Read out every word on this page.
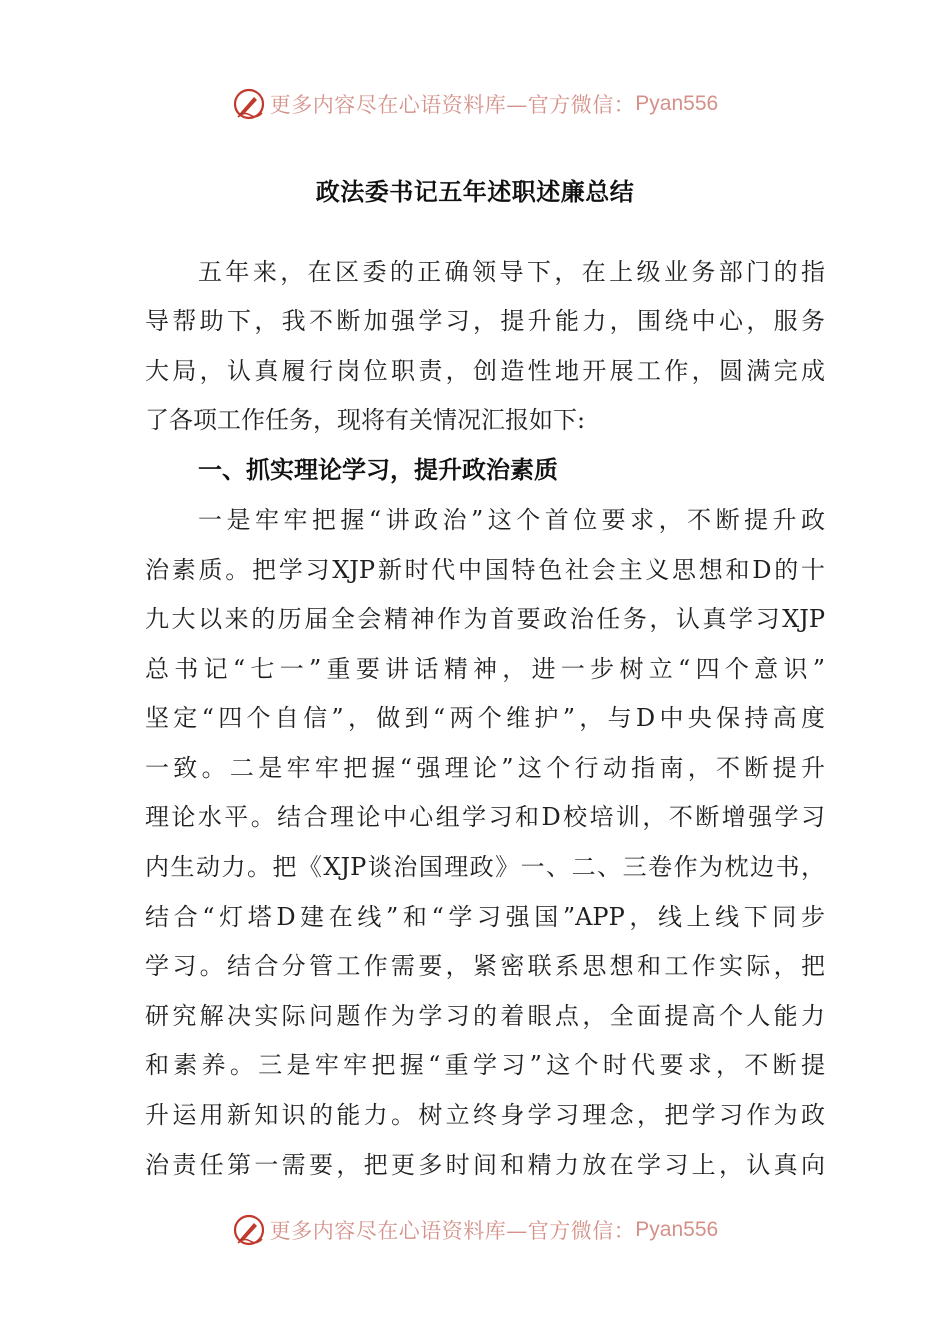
更多内容尽在心语资料库—官方微信： Pyan556
政法委书记五年述职述廉总结
五年来，在区委的正确领导下，在上级业务部门的指
导帮助下，我不断加强学习，提升能力，围绕中心，服务
大局，认真履行岗位职责，创造性地开展工作，圆满完成
了各项工作任务，现将有关情况汇报如下:
一、抓实理论学习，提升政治素质
一是牢牢把握“讲政治”这个首位要求，不断提升政
治素质。把学习XJP新时代中国特色社会主义思想和D的十
九大以来的历届全会精神作为首要政治任务，认真学习XJP
总书记“七一”重要讲话精神，进一步树立“四个意识”
坚定“四个自信”，做到“两个维护”，与D中央保持高度
一致。二是牢牢把握“强理论”这个行动指南，不断提升
理论水平。结合理论中心组学习和D校培训，不断增强学习
内生动力。把《XJP谈治国理政》一、二、三卷作为枕边书，
结合“灯塔D建在线”和“学习强国”APP，线上线下同步
学习。结合分管工作需要，紧密联系思想和工作实际，把
研究解决实际问题作为学习的着眼点，全面提高个人能力
和素养。三是牢牢把握“重学习”这个时代要求，不断提
升运用新知识的能力。树立终身学习理念，把学习作为政
治责任第一需要，把更多时间和精力放在学习上，认真向
更多内容尽在心语资料库—官方微信： Pyan556
